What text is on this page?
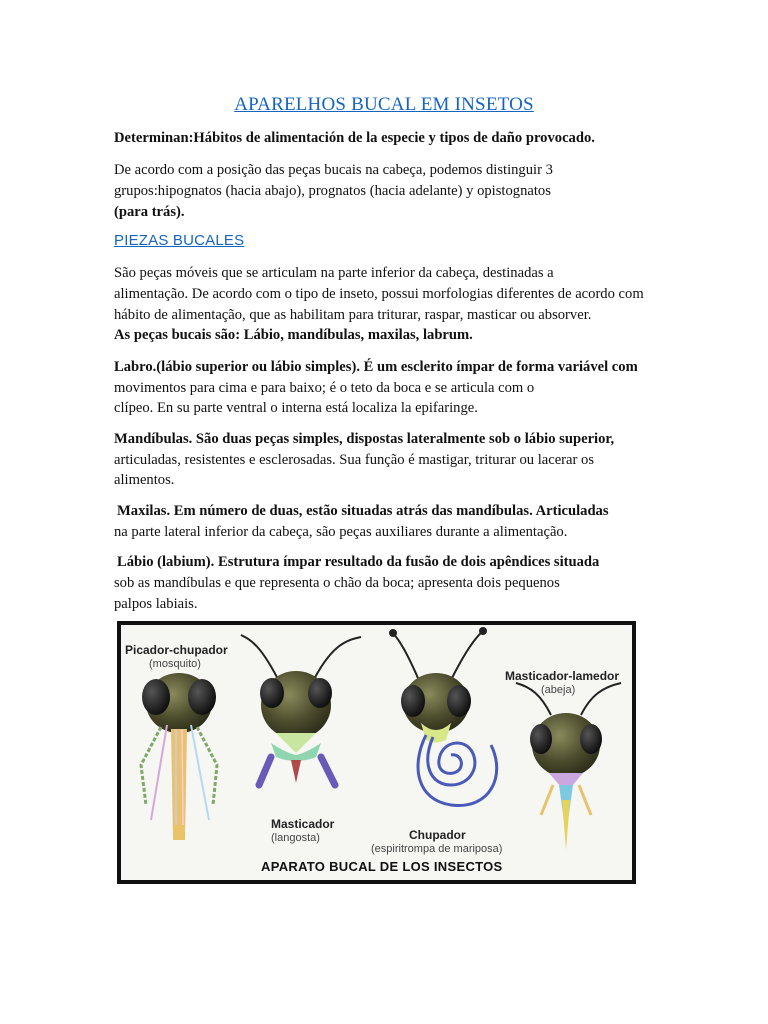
APARELHOS BUCAL EM INSETOS
Determinan:Hábitos de alimentación de la especie y tipos de daño provocado.
De acordo com a posição das peças bucais na cabeça, podemos distinguir 3
grupos:hipognatos (hacia abajo), prognatos (hacia adelante) y opistognatos
(para trás).
PIEZAS BUCALES
São peças móveis que se articulam na parte inferior da cabeça, destinadas a
alimentação. De acordo com o tipo de inseto, possui morfologias diferentes de acordo com
hábito de alimentação, que as habilitam para triturar, raspar, masticar ou absorver.
As peças bucais são: Lábio, mandíbulas, maxilas, labrum.
Labro.(lábio superior ou lábio simples). É um esclerito ímpar de forma variável com
movimentos para cima e para baixo; é o teto da boca e se articula com o
clípeo. En su parte ventral o interna está localiza la epifaringe.
Mandíbulas. São duas peças simples, dispostas lateralmente sob o lábio superior,
articuladas, resistentes e esclerosadas. Sua função é mastigar, triturar ou lacerar os
alimentos.
Maxilas. Em número de duas, estão situadas atrás das mandíbulas. Articuladas
na parte lateral inferior da cabeça, são peças auxiliares durante a alimentação.
Lábio (labium). Estrutura ímpar resultado da fusão de dois apêndices situada
sob as mandíbulas e que representa o chão da boca; apresenta dois pequenos
palpos labiais.
Picador-chupador
(mosquito)
Masticador
(langosta)	Chupador
(espiritrompa de mariposa)
Masticador-lamedor
(abeja)
APARATO BUCAL DE LOS INSECTOS
